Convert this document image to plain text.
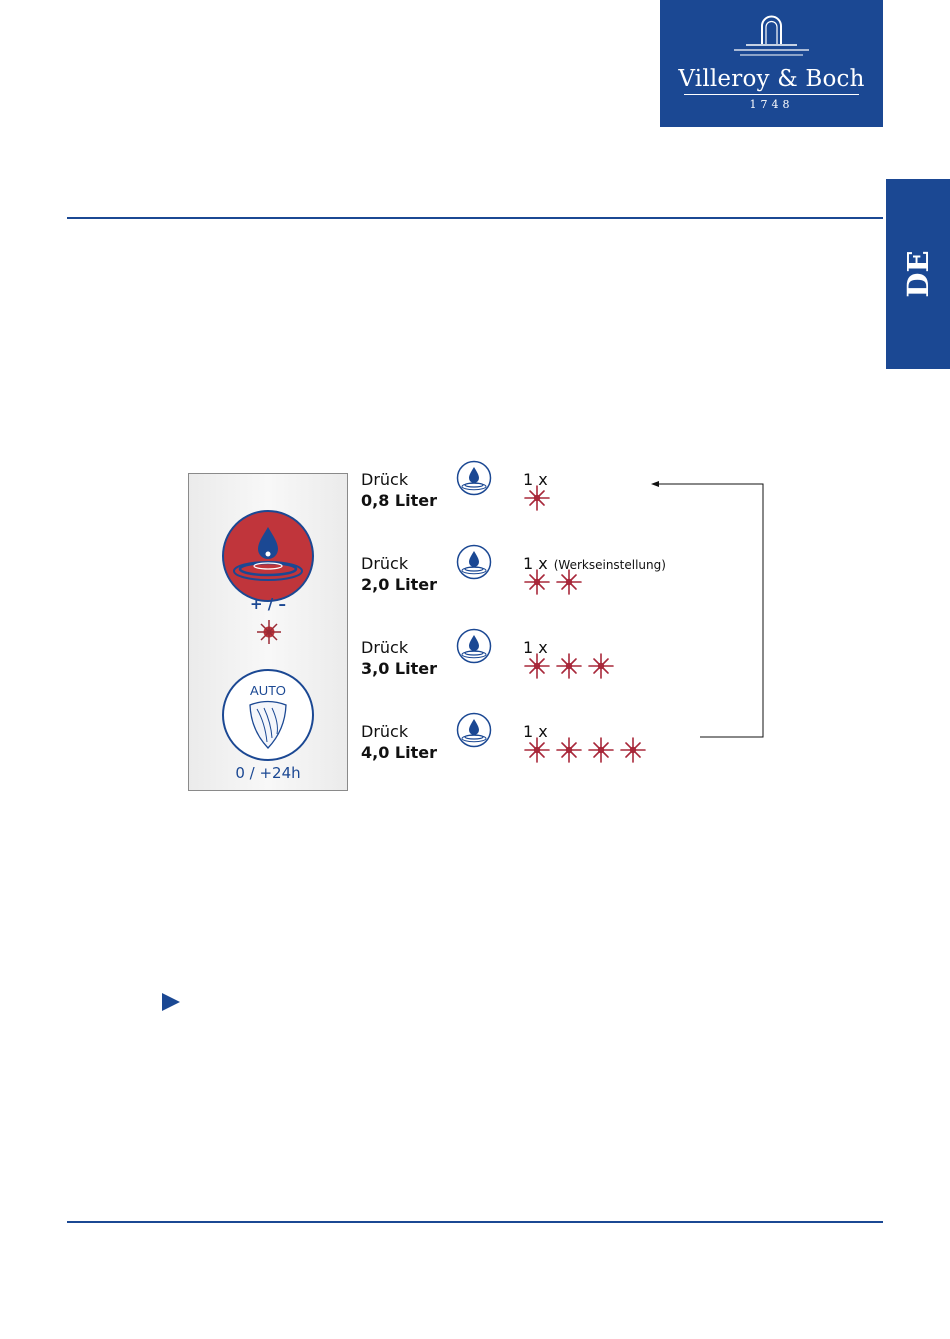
Villeroy & Boch
1748
DE
+ / –
AUTO
0 / +24h
Drück
0,8 Liter
Drück
2,0 Liter
Drück
3,0 Liter
Drück
4,0 Liter
1 x
1 x (Werkseinstellung)
1 x
1 x
